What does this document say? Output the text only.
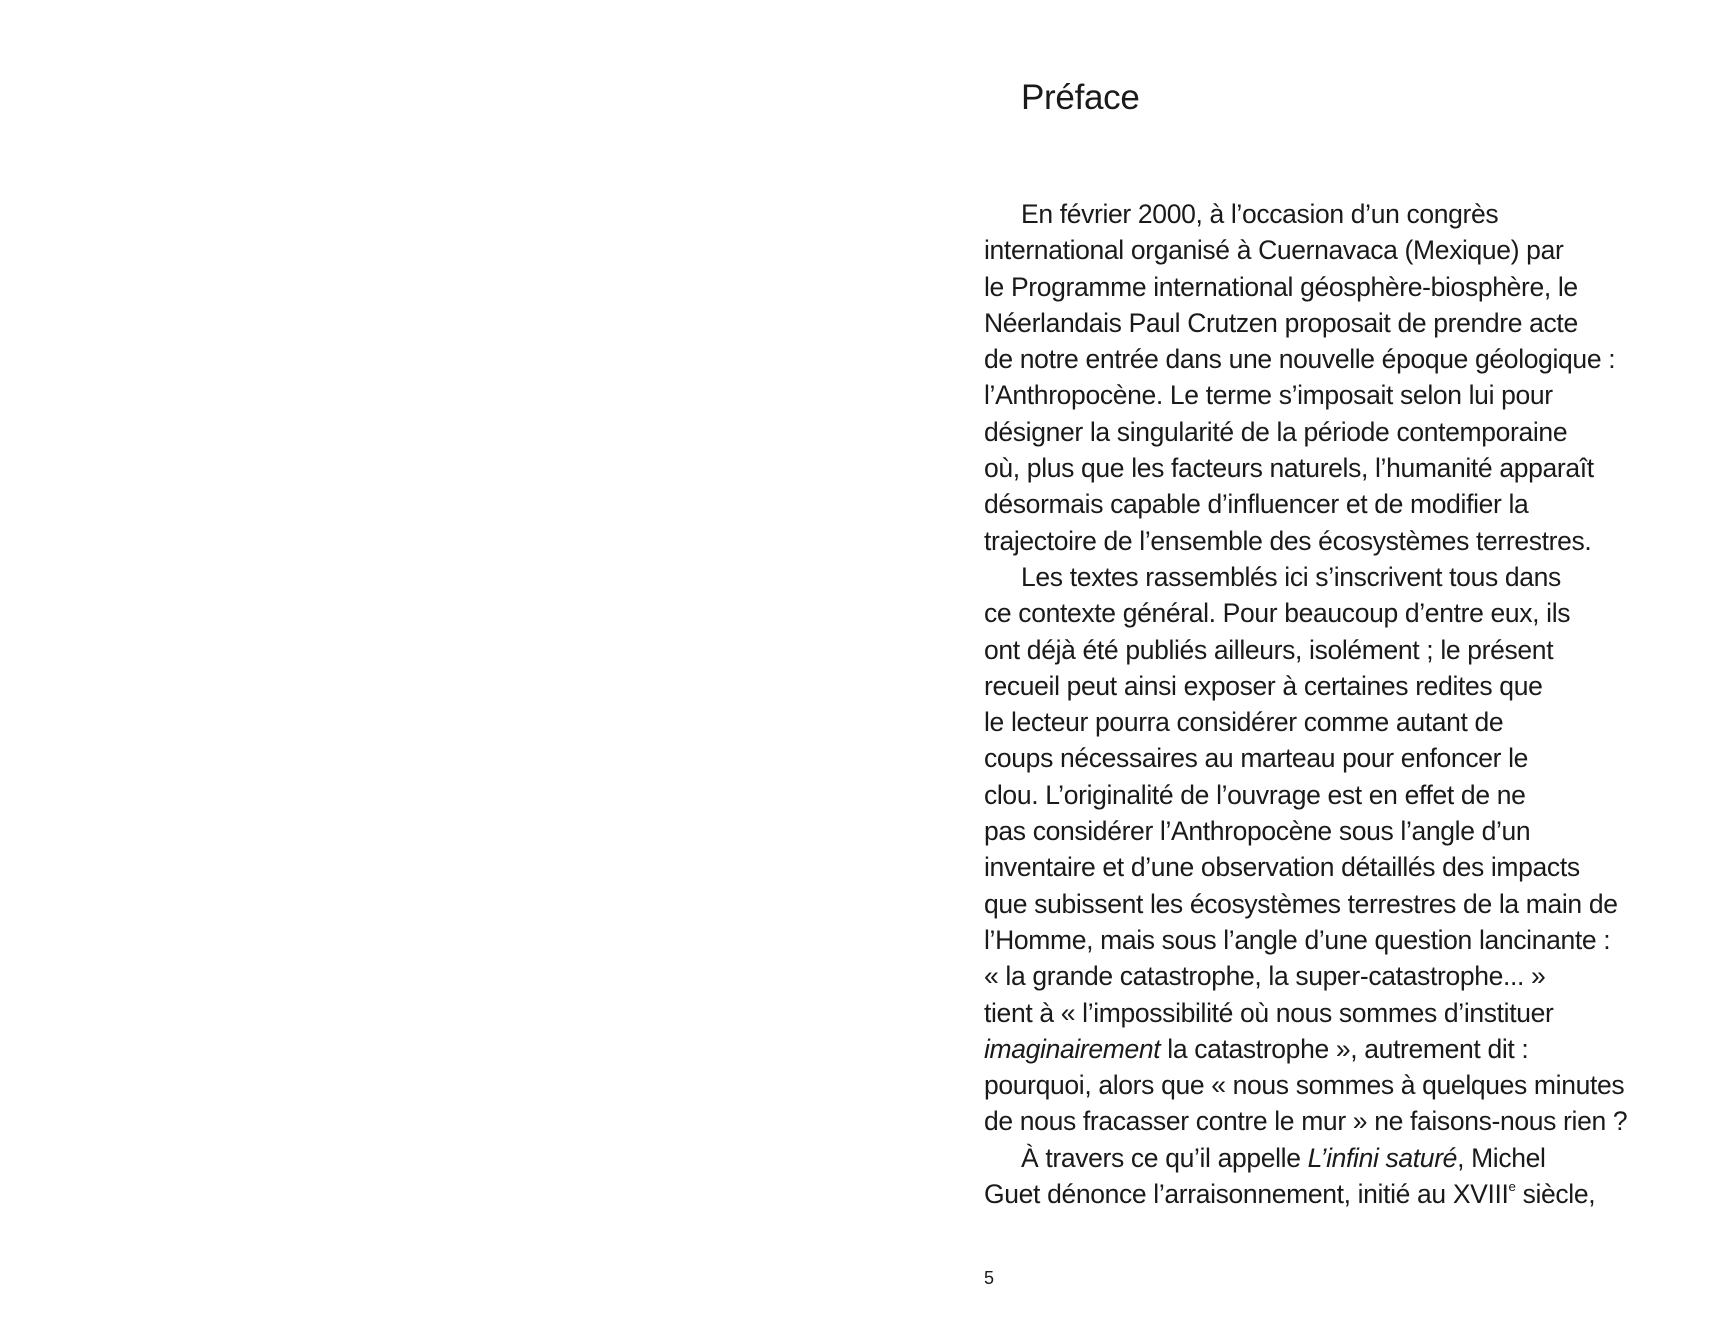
Préface
En février 2000, à l’occasion d’un congrès
international organisé à Cuernavaca (Mexique) par
le Programme international géosphère-biosphère, le
Néerlandais Paul Crutzen proposait de prendre acte
de notre entrée dans une nouvelle époque géologique :
l’Anthropocène. Le terme s’imposait selon lui pour
désigner la singularité de la période contemporaine
où, plus que les facteurs naturels, l’humanité apparaît
désormais capable d’influencer et de modifier la
trajectoire de l’ensemble des écosystèmes terrestres.
Les textes rassemblés ici s’inscrivent tous dans
ce contexte général. Pour beaucoup d’entre eux, ils
ont déjà été publiés ailleurs, isolément ; le présent
recueil peut ainsi exposer à certaines redites que
le lecteur pourra considérer comme autant de
coups nécessaires au marteau pour enfoncer le
clou. L’originalité de l’ouvrage est en effet de ne
pas considérer l’Anthropocène sous l’angle d’un
inventaire et d’une observation détaillés des impacts
que subissent les écosystèmes terrestres de la main de
l’Homme, mais sous l’angle d’une question lancinante :
« la grande catastrophe, la super-catastrophe... »
tient à « l’impossibilité où nous sommes d’instituer
imaginairement la catastrophe », autrement dit :
pourquoi, alors que « nous sommes à quelques minutes
de nous fracasser contre le mur » ne faisons-nous rien ?
À travers ce qu’il appelle L’infini saturé, Michel
Guet dénonce l’arraisonnement, initié au XVIIIe siècle,
5
